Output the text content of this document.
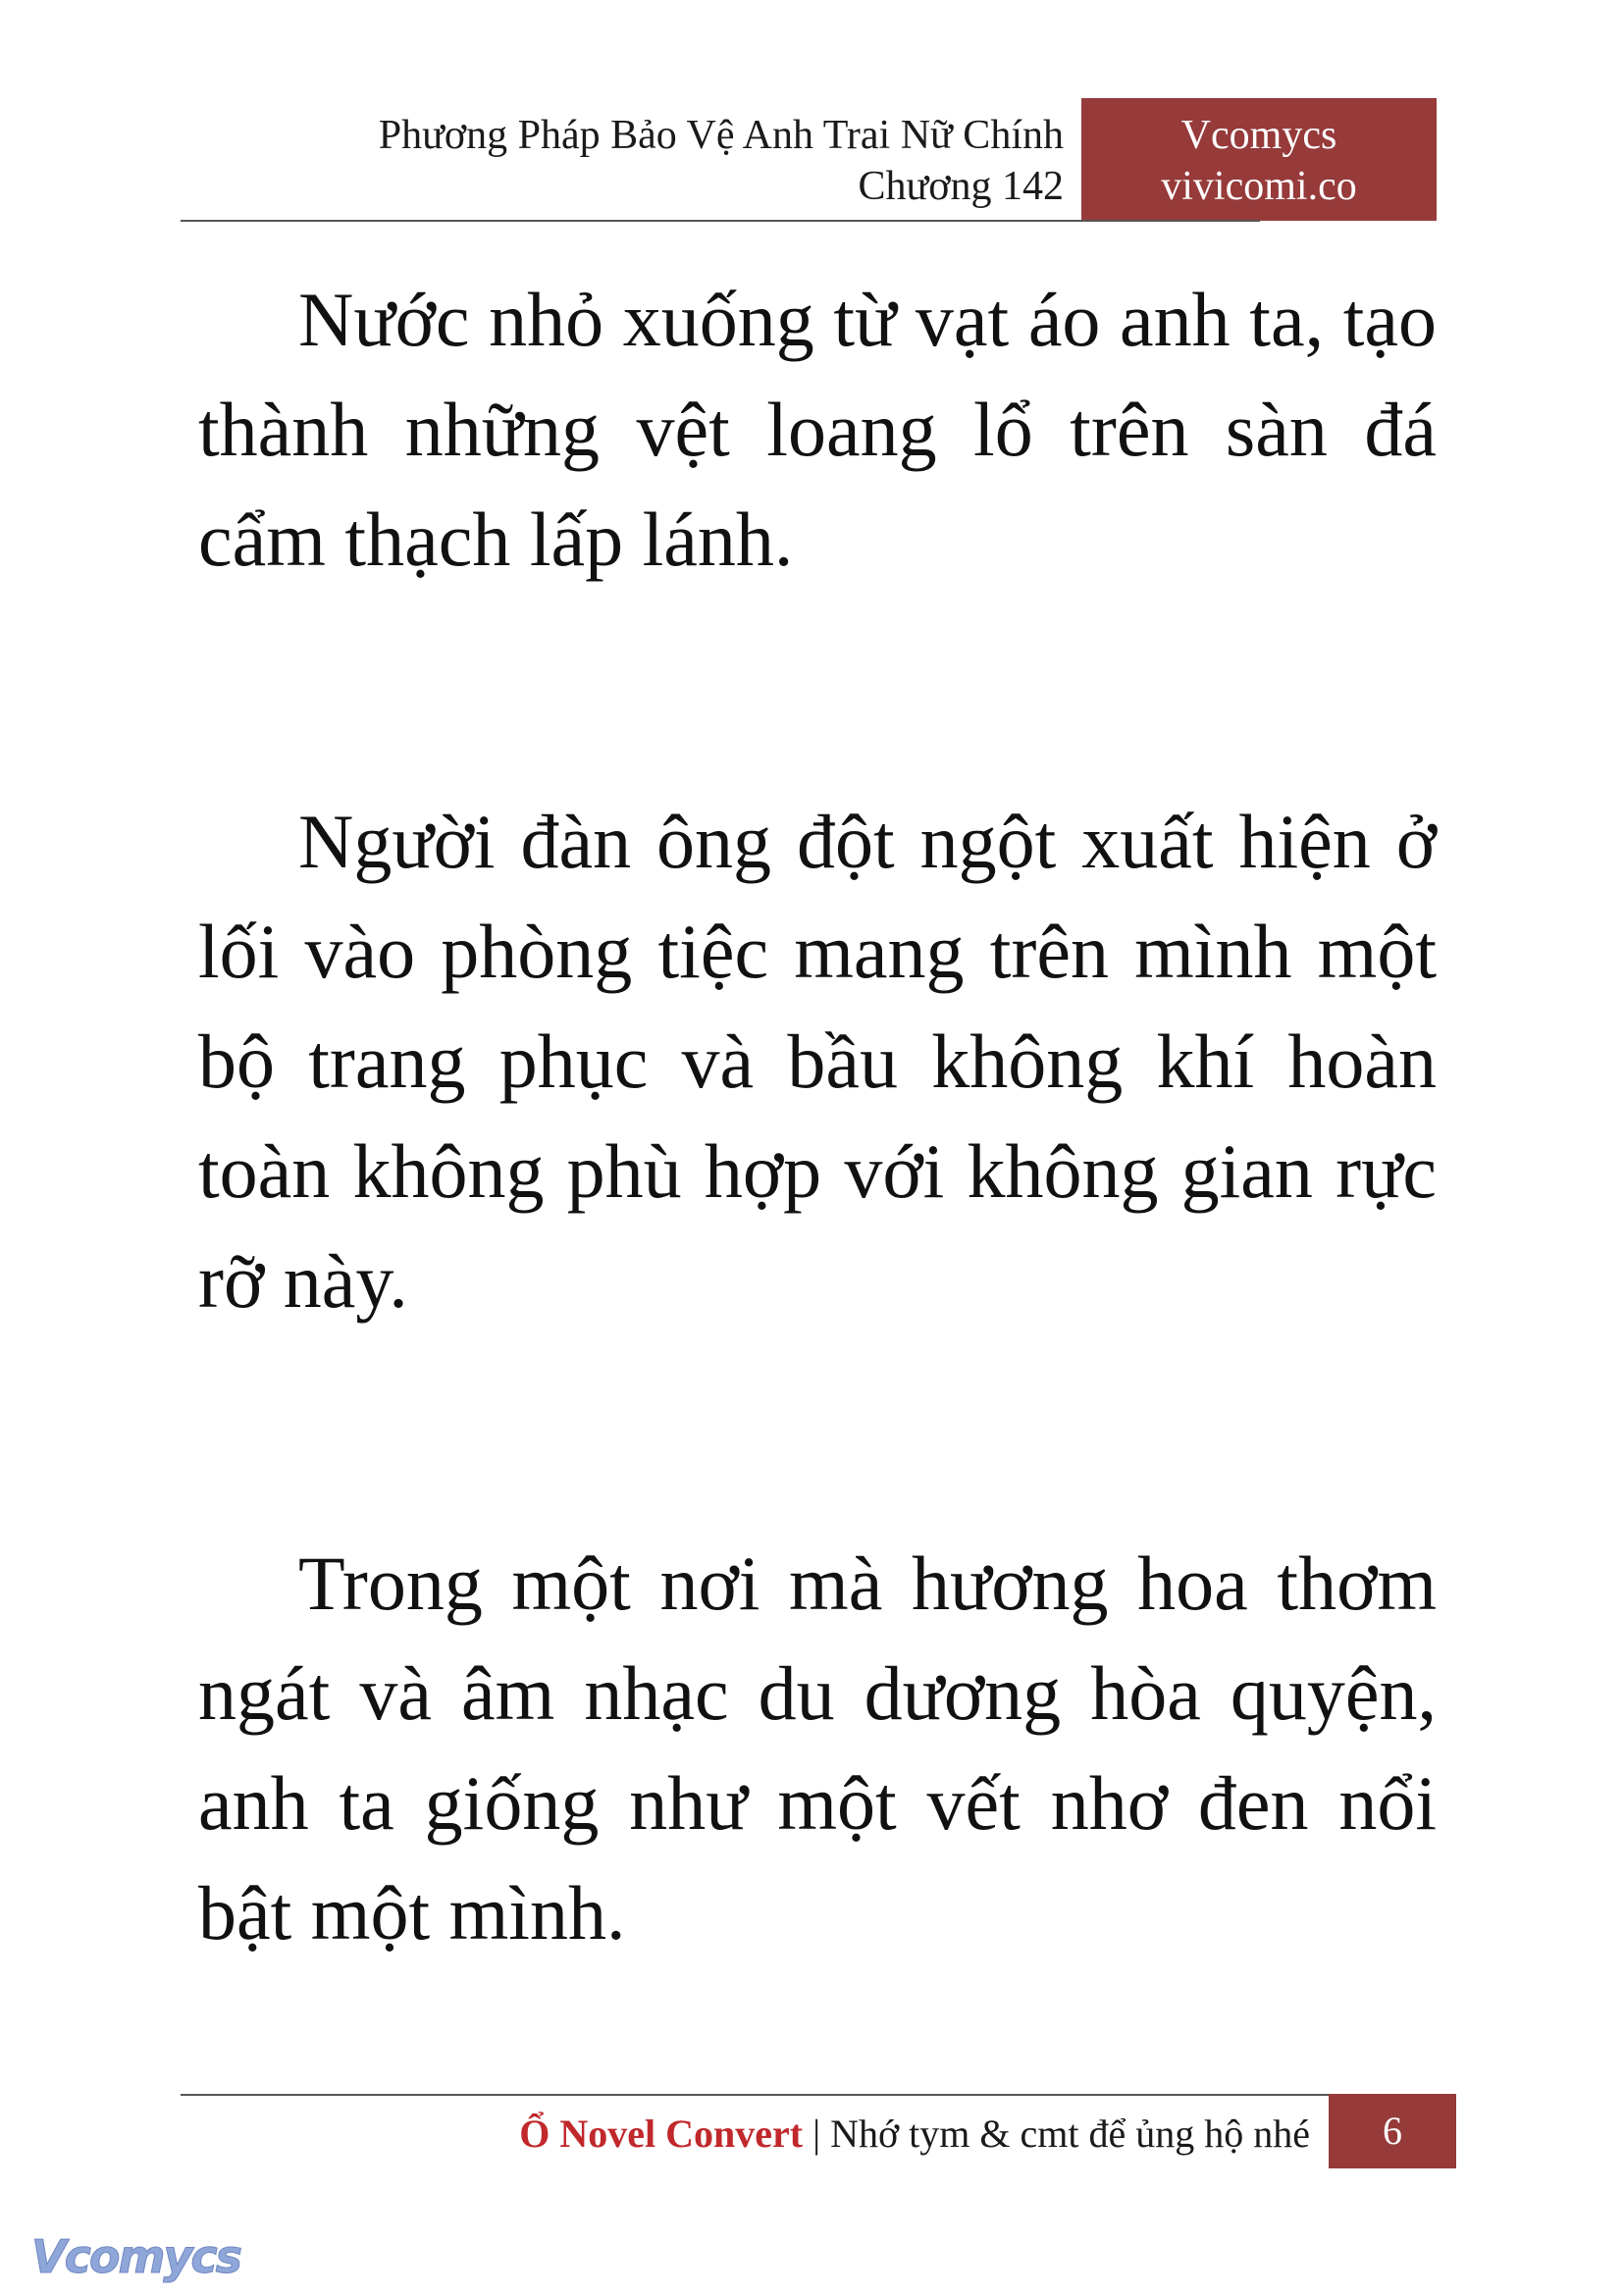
Phương Pháp Bảo Vệ Anh Trai Nữ Chính
Chương 142
Vcomycs
vivicomi.co

Nước nhỏ xuống từ vạt áo anh ta, tạo thành những vệt loang lổ trên sàn đá cẩm thạch lấp lánh.

Người đàn ông đột ngột xuất hiện ở lối vào phòng tiệc mang trên mình một bộ trang phục và bầu không khí hoàn toàn không phù hợp với không gian rực rỡ này.

Trong một nơi mà hương hoa thơm ngát và âm nhạc du dương hòa quyện, anh ta giống như một vết nhơ đen nổi bật một mình.

Ổ Novel Convert | Nhớ tym & cmt để ủng hộ nhé	6
Vcomycs
